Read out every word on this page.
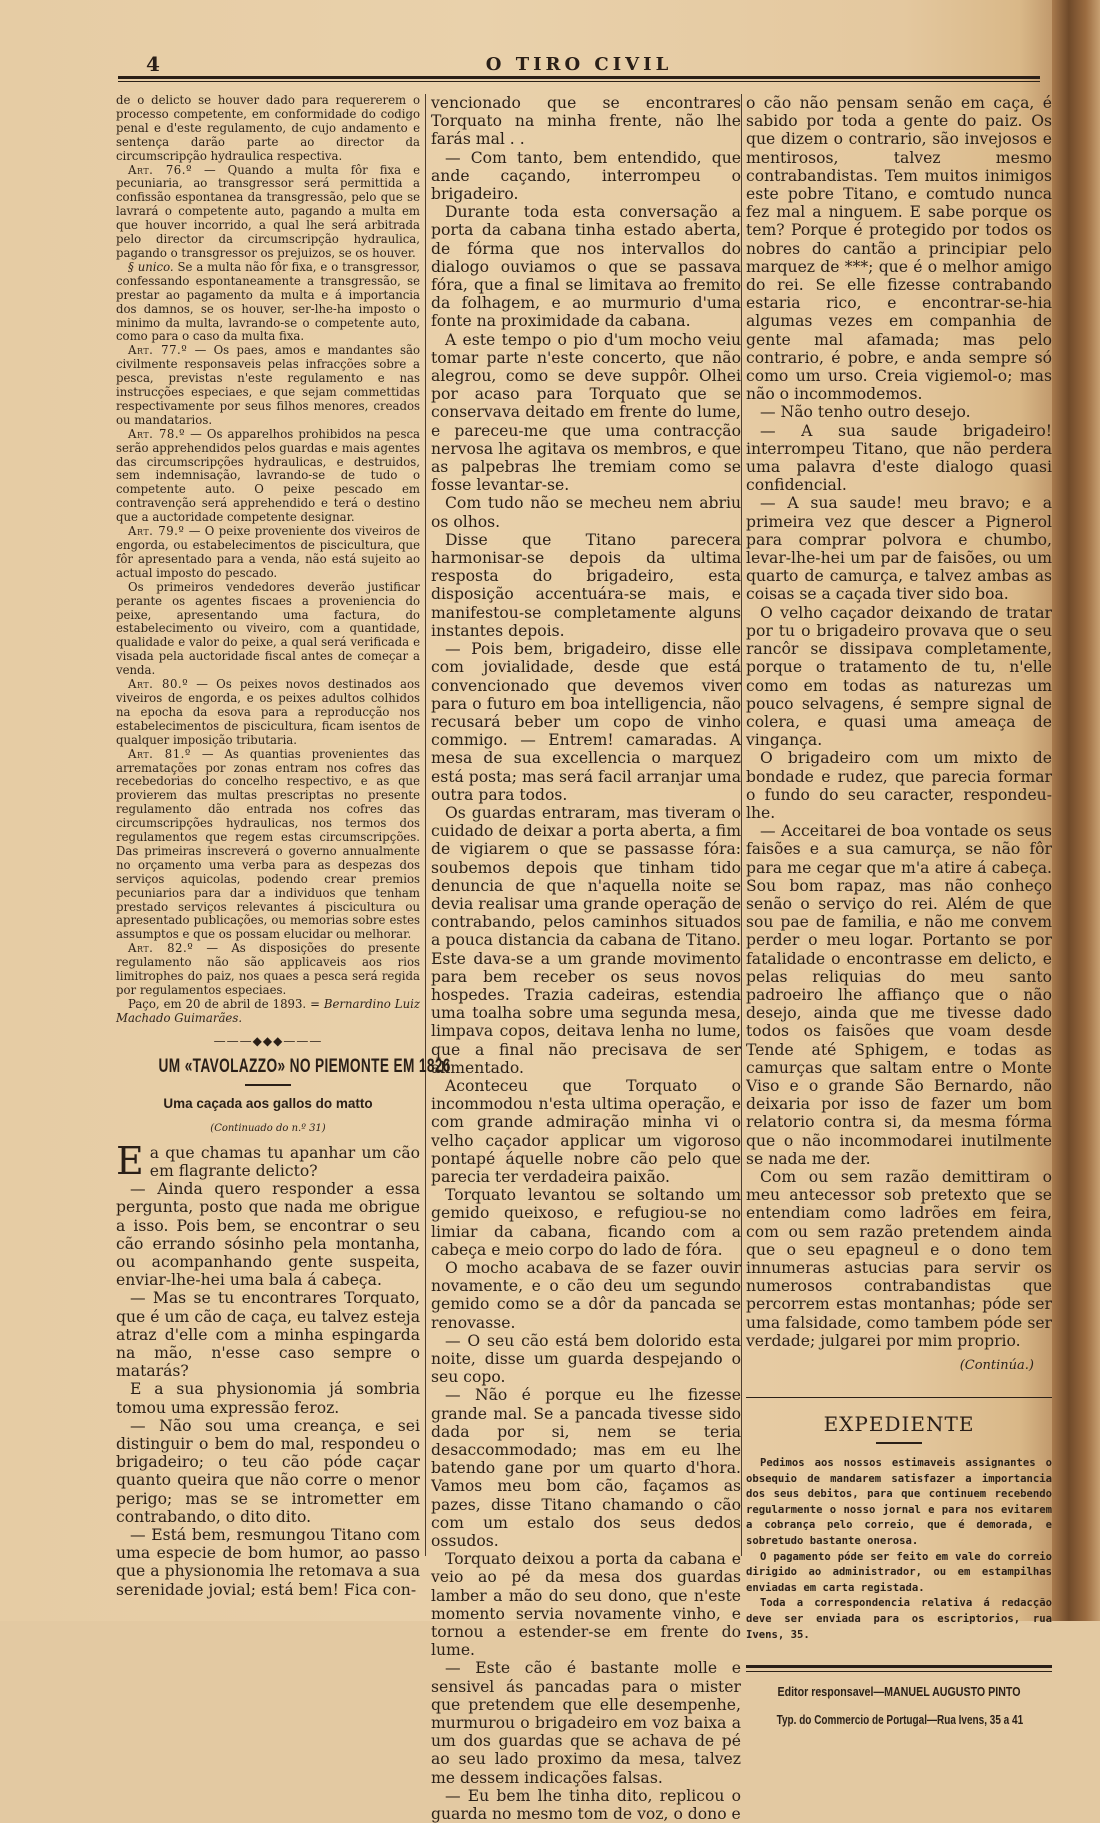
4	O TIRO CIVIL

de o delicto se houver dado para requererem o processo competente, em conformidade do codigo penal e d'este regulamento, de cujo andamento e sentença darão parte ao director da circumscripção hydraulica respectiva.

Art. 76.º — Quando a multa fôr fixa e pecuniaria, ao transgressor será permittida a confissão espontanea da transgressão, pelo que se lavrará o competente auto, pagando a multa em que houver incorrido, a qual lhe será arbitrada pelo director da circumscripção hydraulica, pagando o transgressor os prejuizos, se os houver.

§ unico. Se a multa não fôr fixa, e o transgressor, confessando espontaneamente a transgressão, se prestar ao pagamento da multa e á importancia dos damnos, se os houver, ser-lhe-ha imposto o minimo da multa, lavrando-se o competente auto, como para o caso da multa fixa.

Art. 77.º — Os paes, amos e mandantes são civilmente responsaveis pelas infracções sobre a pesca, previstas n'este regulamento e nas instrucções especiaes, e que sejam commettidas respectivamente por seus filhos menores, creados ou mandatarios.

Art. 78.º — Os apparelhos prohibidos na pesca serão apprehendidos pelos guardas e mais agentes das circumscripções hydraulicas, e destruidos, sem indemnisação, lavrando-se de tudo o competente auto. O peixe pescado em contravenção será apprehendido e terá o destino que a auctoridade competente designar.

Art. 79.º — O peixe proveniente dos viveiros de engorda, ou estabelecimentos de piscicultura, que fôr apresentado para a venda, não está sujeito ao actual imposto do pescado.

Os primeiros vendedores deverão justificar perante os agentes fiscaes a proveniencia do peixe, apresentando uma factura, do estabelecimento ou viveiro, com a quantidade, qualidade e valor do peixe, a qual será verificada e visada pela auctoridade fiscal antes de começar a venda.

Art. 80.º — Os peixes novos destinados aos viveiros de engorda, e os peixes adultos colhidos na epocha da esova para a reproducção nos estabelecimentos de piscicultura, ficam isentos de qualquer imposição tributaria.

Art. 81.º — As quantias provenientes das arrematações por zonas entram nos cofres das recebedorias do concelho respectivo, e as que provierem das multas prescriptas no presente regulamento dão entrada nos cofres das circumscripções hydraulicas, nos termos dos regulamentos que regem estas circumscripções. Das primeiras inscreverá o governo annualmente no orçamento uma verba para as despezas dos serviços aquicolas, podendo crear premios pecuniarios para dar a individuos que tenham prestado serviços relevantes á piscicultura ou apresentado publicações, ou memorias sobre estes assumptos e que os possam elucidar ou melhorar.

Art. 82.º — As disposições do presente regulamento não são applicaveis aos rios limitrophes do paiz, nos quaes a pesca será regida por regulamentos especiaes.

Paço, em 20 de abril de 1893. = Bernardino Luiz Machado Guimarães.

———◆◆◆———
UM «TAVOLAZZO» NO PIEMONTE EM 1826
Uma caçada aos gallos do matto
(Continuado do n.º 31)

Ea que chamas tu apanhar um cão em flagrante delicto?

— Ainda quero responder a essa pergunta, posto que nada me obrigue a isso. Pois bem, se encontrar o seu cão errando sósinho pela montanha, ou acompanhando gente suspeita, enviar-lhe-hei uma bala á cabeça.

— Mas se tu encontrares Torquato, que é um cão de caça, eu talvez esteja atraz d'elle com a minha espingarda na mão, n'esse caso sempre o matarás?

E a sua physionomia já sombria tomou uma expressão feroz.

— Não sou uma creança, e sei distinguir o bem do mal, respondeu o brigadeiro; o teu cão póde caçar quanto queira que não corre o menor perigo; mas se se intrometter em contrabando, o dito dito.

— Está bem, resmungou Titano com uma especie de bom humor, ao passo que a physionomia lhe retomava a sua serenidade jovial; está bem! Fica con-

vencionado que se encontrares Torquato na minha frente, não lhe farás mal . .

— Com tanto, bem entendido, que ande caçando, interrompeu o brigadeiro.

Durante toda esta conversação a porta da cabana tinha estado aberta, de fórma que nos intervallos do dialogo ouviamos o que se passava fóra, que a final se limitava ao fremito da folhagem, e ao murmurio d'uma fonte na proximidade da cabana.

A este tempo o pio d'um mocho veiu tomar parte n'este concerto, que não alegrou, como se deve suppôr. Olhei por acaso para Torquato que se conservava deitado em frente do lume, e pareceu-me que uma contracção nervosa lhe agitava os membros, e que as palpebras lhe tremiam como se fosse levantar-se.

Com tudo não se mecheu nem abriu os olhos.

Disse que Titano parecera harmonisar-se depois da ultima resposta do brigadeiro, esta disposição accentuára-se mais, e manifestou-se completamente alguns instantes depois.

— Pois bem, brigadeiro, disse elle com jovialidade, desde que está convencionado que devemos viver para o futuro em boa intelligencia, não recusará beber um copo de vinho commigo. — Entrem! camaradas. A mesa de sua excellencia o marquez está posta; mas será facil arranjar uma outra para todos.

Os guardas entraram, mas tiveram o cuidado de deixar a porta aberta, a fim de vigiarem o que se passasse fóra: soubemos depois que tinham tido denuncia de que n'aquella noite se devia realisar uma grande operação de contrabando, pelos caminhos situados a pouca distancia da cabana de Titano. Este dava-se a um grande movimento para bem receber os seus novos hospedes. Trazia cadeiras, estendia uma toalha sobre uma segunda mesa, limpava copos, deitava lenha no lume, que a final não precisava de ser alimentado.

Aconteceu que Torquato o incommodou n'esta ultima operação, e com grande admiração minha vi o velho caçador applicar um vigoroso pontapé áquelle nobre cão pelo que parecia ter verdadeira paixão.

Torquato levantou se soltando um gemido queixoso, e refugiou-se no limiar da cabana, ficando com a cabeça e meio corpo do lado de fóra.

O mocho acabava de se fazer ouvir novamente, e o cão deu um segundo gemido como se a dôr da pancada se renovasse.

— O seu cão está bem dolorido esta noite, disse um guarda despejando o seu copo.

— Não é porque eu lhe fizesse grande mal. Se a pancada tivesse sido dada por si, nem se teria desaccommodado; mas em eu lhe batendo gane por um quarto d'hora. Vamos meu bom cão, façamos as pazes, disse Titano chamando o cão com um estalo dos seus dedos ossudos.

Torquato deixou a porta da cabana e veio ao pé da mesa dos guardas lamber a mão do seu dono, que n'este momento servia novamente vinho, e tornou a estender-se em frente do lume.

— Este cão é bastante molle e sensivel ás pancadas para o mister que pretendem que elle desempenhe, murmurou o brigadeiro em voz baixa a um dos guardas que se achava de pé ao seu lado proximo da mesa, talvez me dessem indicações falsas.

— Eu bem lhe tinha dito, replicou o guarda no mesmo tom de voz, o dono e

o cão não pensam senão em caça, é sabido por toda a gente do paiz. Os que dizem o contrario, são invejosos e mentirosos, talvez mesmo contrabandistas. Tem muitos inimigos este pobre Titano, e comtudo nunca fez mal a ninguem. E sabe porque os tem? Porque é protegido por todos os nobres do cantão a principiar pelo marquez de ***; que é o melhor amigo do rei. Se elle fizesse contrabando estaria rico, e encontrar-se-hia algumas vezes em companhia de gente mal afamada; mas pelo contrario, é pobre, e anda sempre só como um urso. Creia vigiemol-o; mas não o incommodemos.

— Não tenho outro desejo.

— A sua saude brigadeiro! interrompeu Titano, que não perdera uma palavra d'este dialogo quasi confidencial.

— A sua saude! meu bravo; e a primeira vez que descer a Pignerol para comprar polvora e chumbo, levar-lhe-hei um par de faisões, ou um quarto de camurça, e talvez ambas as coisas se a caçada tiver sido boa.

O velho caçador deixando de tratar por tu o brigadeiro provava que o seu rancôr se dissipava completamente, porque o tratamento de tu, n'elle como em todas as naturezas um pouco selvagens, é sempre signal de colera, e quasi uma ameaça de vingança.

O brigadeiro com um mixto de bondade e rudez, que parecia formar o fundo do seu caracter, respondeu-lhe.

— Acceitarei de boa vontade os seus faisões e a sua camurça, se não fôr para me cegar que m'a atire á cabeça. Sou bom rapaz, mas não conheço senão o serviço do rei. Além de que sou pae de familia, e não me convem perder o meu logar. Portanto se por fatalidade o encontrasse em delicto, e pelas reliquias do meu santo padroeiro lhe affianço que o não desejo, ainda que me tivesse dado todos os faisões que voam desde Tende até Sphigem, e todas as camurças que saltam entre o Monte Viso e o grande São Bernardo, não deixaria por isso de fazer um bom relatorio contra si, da mesma fórma que o não incommodarei inutilmente se nada me der.

Com ou sem razão demittiram o meu antecessor sob pretexto que se entendiam como ladrões em feira, com ou sem razão pretendem ainda que o seu epagneul e o dono tem innumeras astucias para servir os numerosos contrabandistas que percorrem estas montanhas; póde ser uma falsidade, como tambem póde ser verdade; julgarei por mim proprio.

(Continúa.)
EXPEDIENTE

Pedimos aos nossos estimaveis assignantes o obsequio de mandarem satisfazer a importancia dos seus debitos, para que continuem recebendo regularmente o nosso jornal e para nos evitarem a cobrança pelo correio, que é demorada, e sobretudo bastante onerosa.

O pagamento póde ser feito em vale do correio dirigido ao administrador, ou em estampilhas enviadas em carta registada.

Toda a correspondencia relativa á redacção deve ser enviada para os escriptorios, rua Ivens, 35.

Editor responsavel—MANUEL AUGUSTO PINTO
Typ. do Commercio de Portugal—Rua Ivens, 35 a 41
